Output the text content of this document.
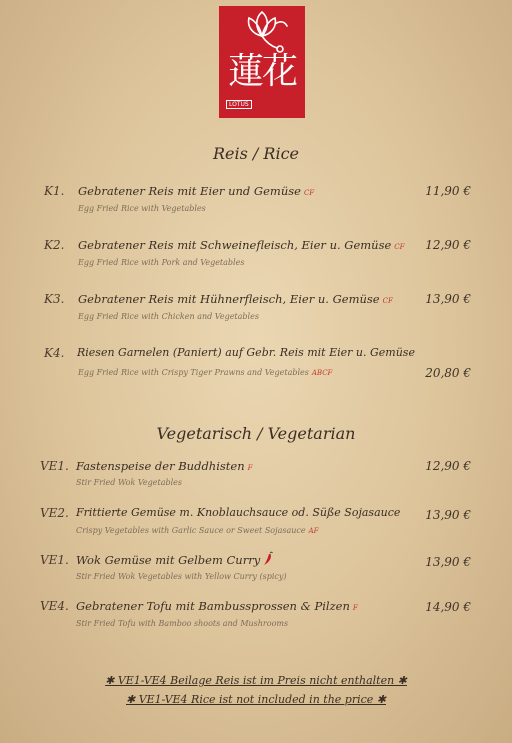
蓮花
LOTUS
Reis / Rice
K1. Gebratener Reis mit Eier und Gemüse CF
Egg Fried Rice with Vegetables
11,90 €
K2. Gebratener Reis mit Schweinefleisch, Eier u. Gemüse CF
Egg Fried Rice with Pork and Vegetables
12,90 €
K3. Gebratener Reis mit Hühnerfleisch, Eier u. Gemüse CF
Egg Fried Rice with Chicken and Vegetables
13,90 €
K4. Riesen Garnelen (Paniert) auf Gebr. Reis mit Eier u. Gemüse
Egg Fried Rice with Crispy Tiger Prawns and Vegetables ABCF	20,80 €
Vegetarisch / Vegetarian
VE1. Fastenspeise der Buddhisten F
Stir Fried Wok Vegetables
12,90 €
VE2. Frittierte Gemüse m. Knoblauchsauce od. Süße Sojasauce
Crispy Vegetables with Garlic Sauce or Sweet Sojasauce AF
13,90 €
VE1. Wok Gemüse mit Gelbem Curry
Stir Fried Wok Vegetables with Yellow Curry (spicy)
13,90 €
VE4. Gebratener Tofu mit Bambussprossen & Pilzen F
Stir Fried Tofu with Bamboo shoots and Mushrooms
14,90 €
✱ VE1-VE4 Beilage Reis ist im Preis nicht enthalten ✱
✱ VE1-VE4 Rice ist not included in the price ✱
